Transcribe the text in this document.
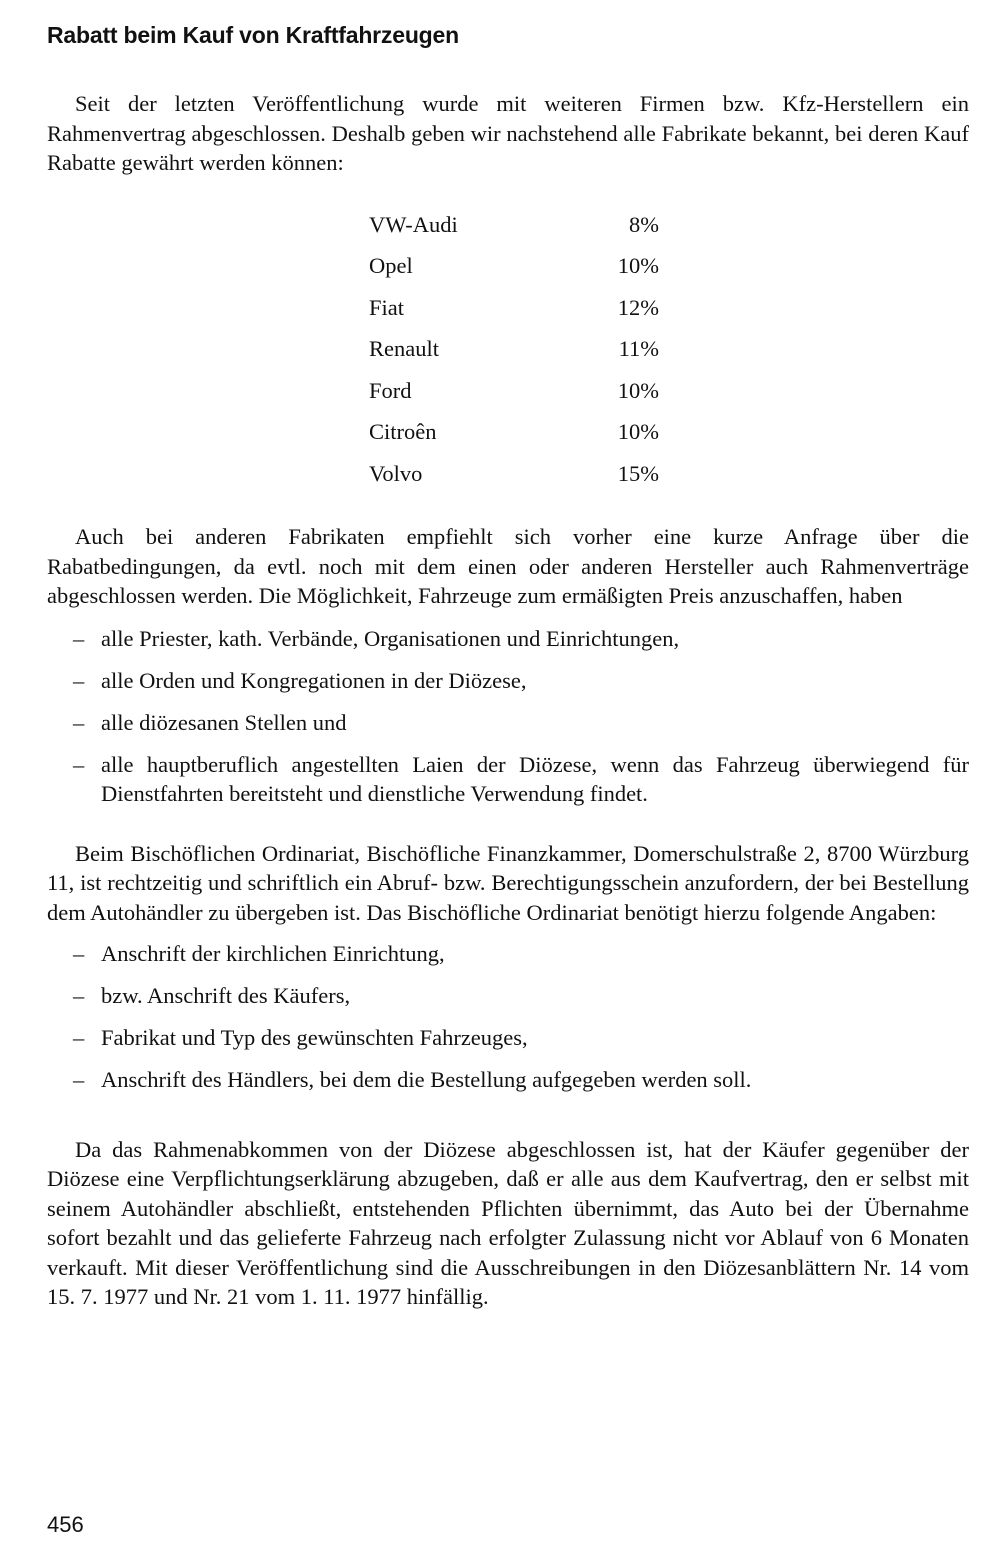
Rabatt beim Kauf von Kraftfahrzeugen

Seit der letzten Veröffentlichung wurde mit weiteren Firmen bzw. Kfz-Herstellern ein Rahmenvertrag abgeschlossen. Deshalb geben wir nachstehend alle Fabrikate bekannt, bei deren Kauf Rabatte gewährt werden können:

VW-Audi	8%
Opel	10%
Fiat	12%
Renault	11%
Ford	10%
Citroên	10%
Volvo	15%

Auch bei anderen Fabrikaten empfiehlt sich vorher eine kurze Anfrage über die Rabatbedingungen, da evtl. noch mit dem einen oder anderen Hersteller auch Rahmenverträge abgeschlossen werden. Die Möglichkeit, Fahrzeuge zum ermäßigten Preis anzuschaffen, haben

– alle Priester, kath. Verbände, Organisationen und Einrichtungen,
– alle Orden und Kongregationen in der Diözese,
– alle diözesanen Stellen und
– alle hauptberuflich angestellten Laien der Diözese, wenn das Fahrzeug überwiegend für Dienstfahrten bereitsteht und dienstliche Verwendung findet.

Beim Bischöflichen Ordinariat, Bischöfliche Finanzkammer, Domerschulstraße 2, 8700 Würzburg 11, ist rechtzeitig und schriftlich ein Abruf- bzw. Berechtigungsschein anzufordern, der bei Bestellung dem Autohändler zu übergeben ist. Das Bischöfliche Ordinariat benötigt hierzu folgende Angaben:

– Anschrift der kirchlichen Einrichtung,
– bzw. Anschrift des Käufers,
– Fabrikat und Typ des gewünschten Fahrzeuges,
– Anschrift des Händlers, bei dem die Bestellung aufgegeben werden soll.

Da das Rahmenabkommen von der Diözese abgeschlossen ist, hat der Käufer gegenüber der Diözese eine Verpflichtungserklärung abzugeben, daß er alle aus dem Kaufvertrag, den er selbst mit seinem Autohändler abschließt, entstehenden Pflichten übernimmt, das Auto bei der Übernahme sofort bezahlt und das gelieferte Fahrzeug nach erfolgter Zulassung nicht vor Ablauf von 6 Monaten verkauft. Mit dieser Veröffentlichung sind die Ausschreibungen in den Diözesanblättern Nr. 14 vom 15. 7. 1977 und Nr. 21 vom 1. 11. 1977 hinfällig.

456
